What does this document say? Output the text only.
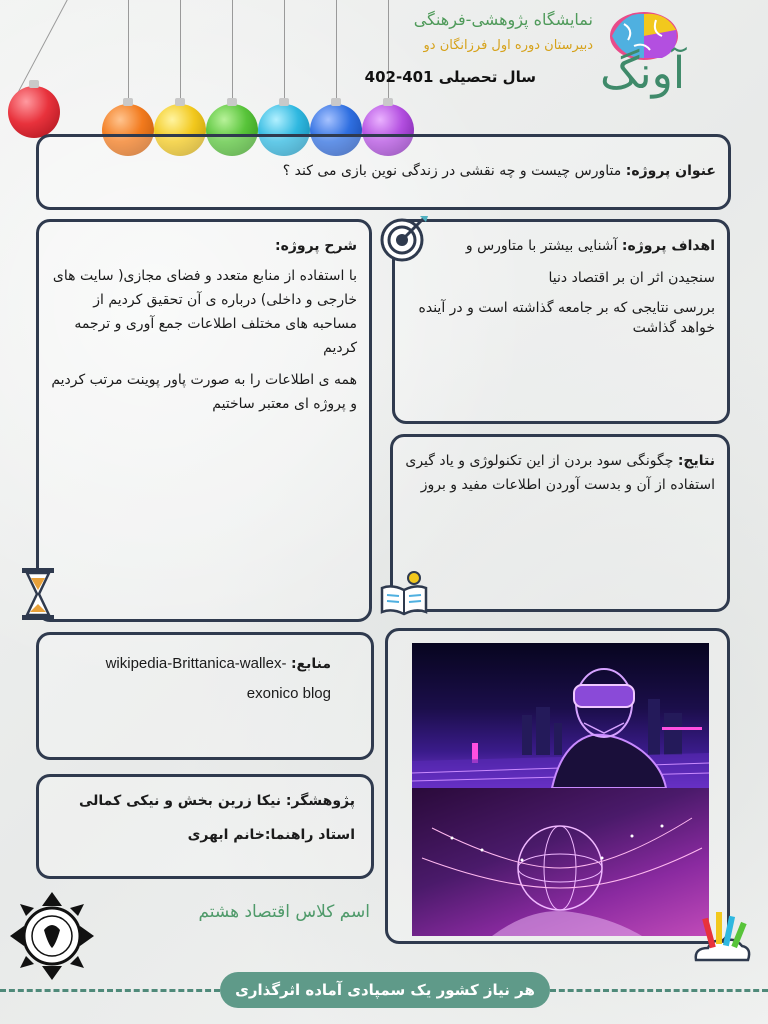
نمایشگاه پژوهشی-فرهنگی
دبیرستان دوره اول فرزانگان دو
سال تحصیلی 401-402	آونگ
عنوان پروژه: متاورس چیست و چه نقشی در زندگی نوین بازی می کند ؟
اهداف پروژه: آشنایی بیشتر با متاورس و
سنجیدن اثر ان بر اقتصاد دنیا
بررسی نتایجی که بر جامعه گذاشته است و در آینده خواهد گذاشت
شرح پروژه:
با استفاده از منابع متعدد و فضای مجازی( سایت های خارجی و داخلی) درباره ی آن تحقیق کردیم از مساحبه های مختلف اطلاعات جمع آوری و ترجمه کردیم
همه ی اطلاعات را به صورت پاور پوینت مرتب کردیم و پروژه ای معتبر ساختیم
نتایج: چگونگی سود بردن از این تکنولوژی و یاد گیری استفاده از آن و بدست آوردن اطلاعات مفید و بروز
منابع: wikipedia-Brittanica-wallex-exonico blog
پژوهشگر: نیکا زرین بخش و نیکی کمالی
استاد راهنما:خانم ابهری
اسم کلاس اقتصاد هشتم
هر نیاز کشور یک سمپادی آماده اثرگذاری
